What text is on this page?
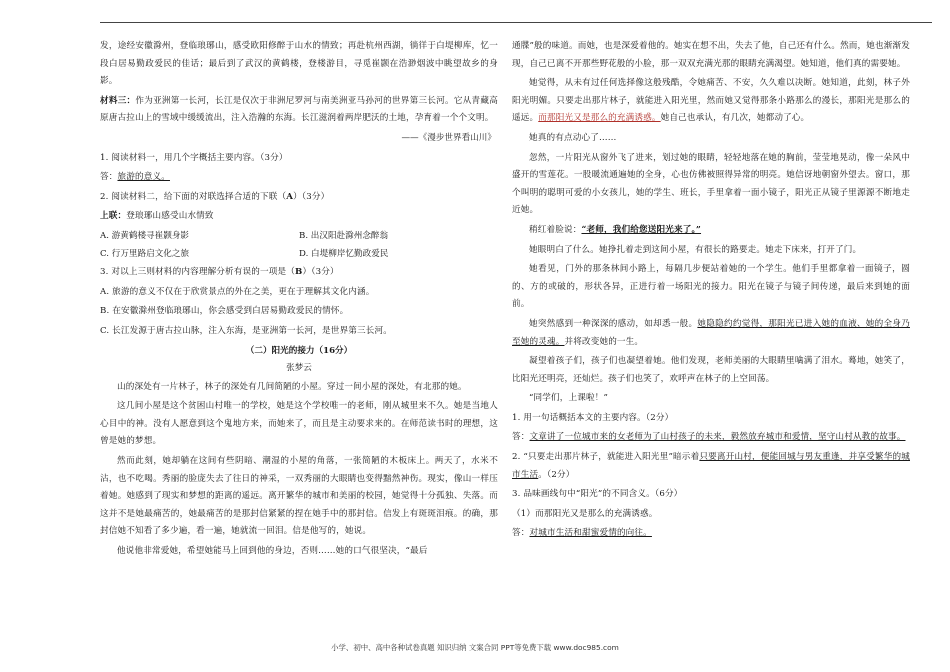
发，途经安徽滁州，登临琅琊山，感受欧阳修醉于山水的情致；再赴杭州西湖，徜徉于白堤柳库，忆一段白居易勤政爱民的佳话；最后到了武汉的黄鹤楼，登楼游目，寻觅崔颢在浩渺烟波中眺望故乡的身影。

材料三：作为亚洲第一长河，长江是仅次于非洲尼罗河与南美洲亚马孙河的世界第三长河。它从青藏高原唐古拉山上的雪域中缓缓流出，注入浩瀚的东海。长江滋润着两岸肥沃的土地，孕育着一个个文明。

——《漫步世界看山川》

1. 阅读材料一，用几个字概括主要内容。（3分）

答：旅游的意义。

2. 阅读材料二，给下面的对联选择合适的下联（A）（3分）

上联：登琅琊山感受山水情致

A. 游黄鹤楼寻崔颢身影	B. 出汉阳赴滁州念醉翁

C. 行万里路启文化之旅	D. 白堤柳岸忆勤政爱民

3. 对以上三则材料的内容理解分析有误的一项是（B）（3分）

A. 旅游的意义不仅在于欣赏景点的外在之美，更在于理解其文化内涵。

B. 在安徽滁州登临琅琊山，你会感受到白居易勤政爱民的情怀。

C. 长江发源于唐古拉山脉，注入东海，是亚洲第一长河，是世界第三长河。

（二）阳光的接力（16分）

张梦云

山的深处有一片林子，林子的深处有几间简陋的小屋。穿过一间小屋的深处，有北那的她。

这几间小屋是这个贫困山村唯一的学校，她是这个学校唯一的老师，刚从城里来不久。她是当地人心目中的神。没有人愿意到这个鬼地方来，而她来了，而且是主动要求来的。在师范读书时的理想，这曾是她的梦想。

然而此刻，她却躺在这间有些阴暗、潮湿的小屋的角落，一张简陋的木板床上。两天了，水米不沾，也不吃喝。秀丽的脸庞失去了往日的神采，一双秀丽的大眼睛也变得黯然神伤。现实，像山一样压着她。她感到了现实和梦想的距离的遥远。离开繁华的城市和美丽的校园，她觉得十分孤独、失落。而这并不是她最痛苦的，她最痛苦的是那封信紧紧的捏在她手中的那封信。信发上有斑斑泪痕。的确，那封信她不知看了多少遍，看一遍，她就流一回泪。信是他写的，她说。

他说他非常爱她，希望她能马上回到他的身边，否则……她的口气很坚决，“最后

通牒”般的味道。而她，也是深爱着他的。她实在想不出，失去了他，自己还有什么。然而，她也渐渐发现，自己已离不开那些野花般的小脸，那一双双充满光那的眼睛充满渴望。她知道，他们真的需要她。

她觉得，从未有过任何选择像这般残酷，令她痛苦、不安，久久难以决断。她知道，此刻，林子外阳光明媚。只要走出那片林子，就能进入阳光里，然而她又觉得那条小路那么的漫长，那阳光是那么的遥远。而那阳光又是那么的充满诱惑。她自己也承认，有几次，她都动了心。

她真的有点动心了……

忽然，一片阳光从窗外飞了进来，划过她的眼睛，轻轻地落在她的胸前，莹莹地晃动，像一朵风中盛开的雪莲花。一股暖流通遍她的全身，心也仿佛被照得异常的明亮。她信讶地朝窗外望去。窗口，那个叫明的聪明可爱的小女孩儿，她的学生、班长，手里拿着一面小镜子，阳光正从镜子里源源不断地走近她。

稍红着脸说：“老师，我们给您送阳光来了。”

她眼明白了什么。她挣扎着走到这间小屋，有很长的路要走。她走下床来，打开了门。

她看见，门外的那条林间小路上，每隔几步便站着她的一个学生。他们手里都拿着一面镜子，圆的、方的或破的，形状各异，正进行着一场阳光的接力。阳光在镜子与镜子间传递，最后来到她的面前。

她突然感到一种深深的感动，如却悉一般。她隐隐约约觉得，那阳光已进入她的血液、她的全身乃至她的灵魂。并将改变她的一生。

凝望着孩子们，孩子们也凝望着她。他们发现，老师美丽的大眼睛里噙满了泪水。蓦地，她笑了，比阳光还明亮，还灿烂。孩子们也笑了，欢呼声在林子的上空回荡。

“同学们，上课啦！”

1. 用一句话概括本文的主要内容。（2分）

答：文章讲了一位城市来的女老师为了山村孩子的未来，毅然放弃城市和爱情，坚守山村从教的故事。

2. “只要走出那片林子，就能进入阳光里”暗示着只要离开山村，便能回城与男友重逢，并享受繁华的城市生活。（2分）

3. 品味画线句中“阳光”的不同含义。（6分）

（1）而那阳光又是那么的充满诱惑。

答：对城市生活和甜蜜爱情的向往。

小学、初中、高中各种试卷真题 知识归纳 文案合同 PPT等免费下载 www.doc985.com
